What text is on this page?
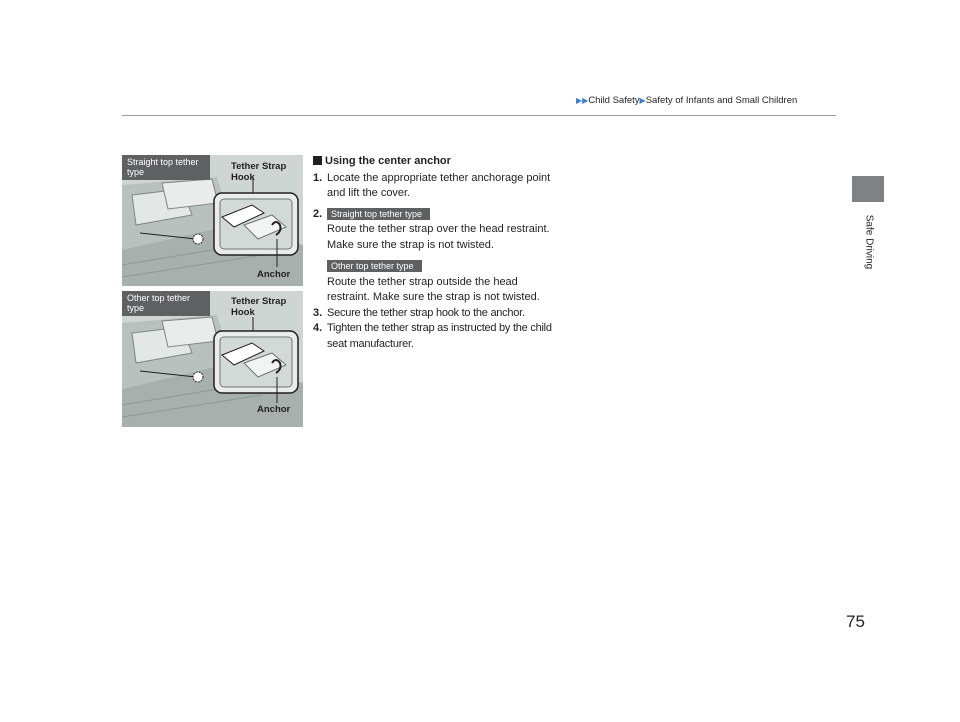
▶▶Child Safety▶Safety of Infants and Small Children
Safe Driving
Straight top tether type	Tether Strap
Hook
Anchor
Other top tether type
Tether Strap
Hook
Anchor
Using the center anchor
1. Locate the appropriate tether anchorage point and lift the cover.
2. Straight top tether type
Route the tether strap over the head restraint. Make sure the strap is not twisted.
Other top tether type
Route the tether strap outside the head restraint. Make sure the strap is not twisted.
3. Secure the tether strap hook to the anchor.
4. Tighten the tether strap as instructed by the child seat manufacturer.
75
